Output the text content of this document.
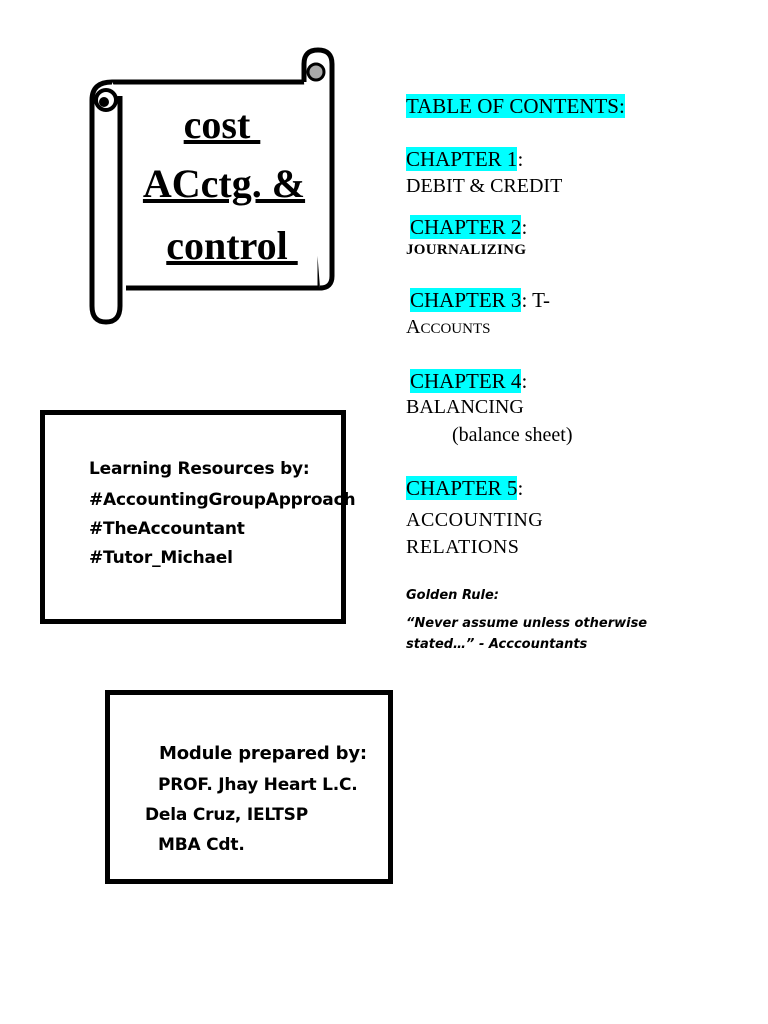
cost
ACctg. &
control
Learning Resources by:
#AccountingGroupApproach
#TheAccountant
#Tutor_Michael
Module prepared by:
PROF. Jhay Heart L.C.
Dela Cruz, IELTSP
MBA Cdt.
TABLE OF CONTENTS:
CHAPTER 1:
DEBIT & CREDIT
CHAPTER 2:
JOURNALIZING
CHAPTER 3: T-
ACCOUNTS
CHAPTER 4:
BALANCING
(balance sheet)
CHAPTER 5:
ACCOUNTING
RELATIONS
Golden Rule:
“Never assume unless otherwise
stated…” - Acccountants
